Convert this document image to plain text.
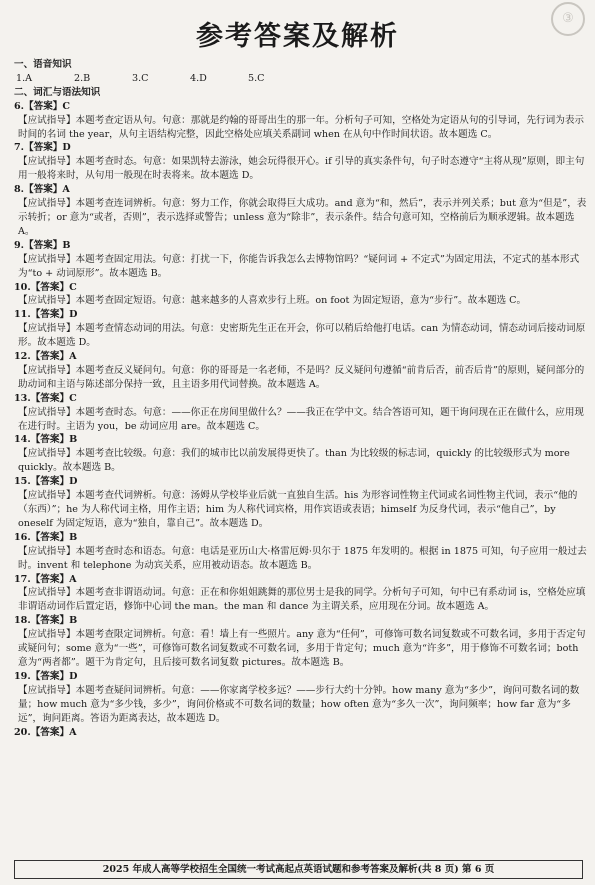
参考答案及解析
③
一、语音知识
1.A	2.B	3.C	4.D	5.C
二、词汇与语法知识
6.【答案】C
【应试指导】本题考查定语从句。句意：那就是约翰的哥哥出生的那一年。分析句子可知，空格处为定语从句的引导词，先行词为表示时间的名词 the year，从句主语结构完整，因此空格处应填关系副词 when 在从句中作时间状语。故本题选 C。
7.【答案】D
【应试指导】本题考查时态。句意：如果凯特去游泳，她会玩得很开心。if 引导的真实条件句，句子时态遵守“主将从现”原则，即主句用一般将来时，从句用一般现在时表将来。故本题选 D。
8.【答案】A
【应试指导】本题考查连词辨析。句意：努力工作，你就会取得巨大成功。and 意为“和，然后”，表示并列关系；but 意为“但是”，表示转折；or 意为“或者，否则”，表示选择或警告；unless 意为“除非”，表示条件。结合句意可知，空格前后为顺承逻辑。故本题选 A。
9.【答案】B
【应试指导】本题考查固定用法。句意：打扰一下，你能告诉我怎么去博物馆吗？“疑问词 + 不定式”为固定用法，不定式的基本形式为“to + 动词原形”。故本题选 B。
10.【答案】C
【应试指导】本题考查固定短语。句意：越来越多的人喜欢步行上班。on foot 为固定短语，意为“步行”。故本题选 C。
11.【答案】D
【应试指导】本题考查情态动词的用法。句意：史密斯先生正在开会，你可以稍后给他打电话。can 为情态动词，情态动词后接动词原形。故本题选 D。
12.【答案】A
【应试指导】本题考查反义疑问句。句意：你的哥哥是一名老师，不是吗？反义疑问句遵循“前肯后否，前否后肯”的原则，疑问部分的助动词和主语与陈述部分保持一致，且主语多用代词替换。故本题选 A。
13.【答案】C
【应试指导】本题考查时态。句意：——你正在房间里做什么？——我正在学中文。结合答语可知，题干询问现在正在做什么，应用现在进行时。主语为 you，be 动词应用 are。故本题选 C。
14.【答案】B
【应试指导】本题考查比较级。句意：我们的城市比以前发展得更快了。than 为比较级的标志词，quickly 的比较级形式为 more quickly。故本题选 B。
15.【答案】D
【应试指导】本题考查代词辨析。句意：汤姆从学校毕业后就一直独自生活。his 为形容词性物主代词或名词性物主代词，表示“他的（东西）”；he 为人称代词主格，用作主语；him 为人称代词宾格，用作宾语或表语；himself 为反身代词，表示“他自己”，by oneself 为固定短语，意为“独自，靠自己”。故本题选 D。
16.【答案】B
【应试指导】本题考查时态和语态。句意：电话是亚历山大·格雷厄姆·贝尔于 1875 年发明的。根据 in 1875 可知，句子应用一般过去时。invent 和 telephone 为动宾关系，应用被动语态。故本题选 B。
17.【答案】A
【应试指导】本题考查非谓语动词。句意：正在和你姐姐跳舞的那位男士是我的同学。分析句子可知，句中已有系动词 is，空格处应填非谓语动词作后置定语，修饰中心词 the man。the man 和 dance 为主谓关系，应用现在分词。故本题选 A。
18.【答案】B
【应试指导】本题考查限定词辨析。句意：看！墙上有一些照片。any 意为“任何”，可修饰可数名词复数或不可数名词，多用于否定句或疑问句；some 意为“一些”，可修饰可数名词复数或不可数名词，多用于肯定句；much 意为“许多”，用于修饰不可数名词；both 意为“两者都”。题干为肯定句，且后接可数名词复数 pictures。故本题选 B。
19.【答案】D
【应试指导】本题考查疑问词辨析。句意：——你家离学校多远？——步行大约十分钟。how many 意为“多少”，询问可数名词的数量；how much 意为“多少钱，多少”，询问价格或不可数名词的数量；how often 意为“多久一次”，询问频率；how far 意为“多远”，询问距离。答语为距离表达，故本题选 D。
20.【答案】A
2025 年成人高等学校招生全国统一考试高起点英语试题和参考答案及解析(共 8 页) 第 6 页
